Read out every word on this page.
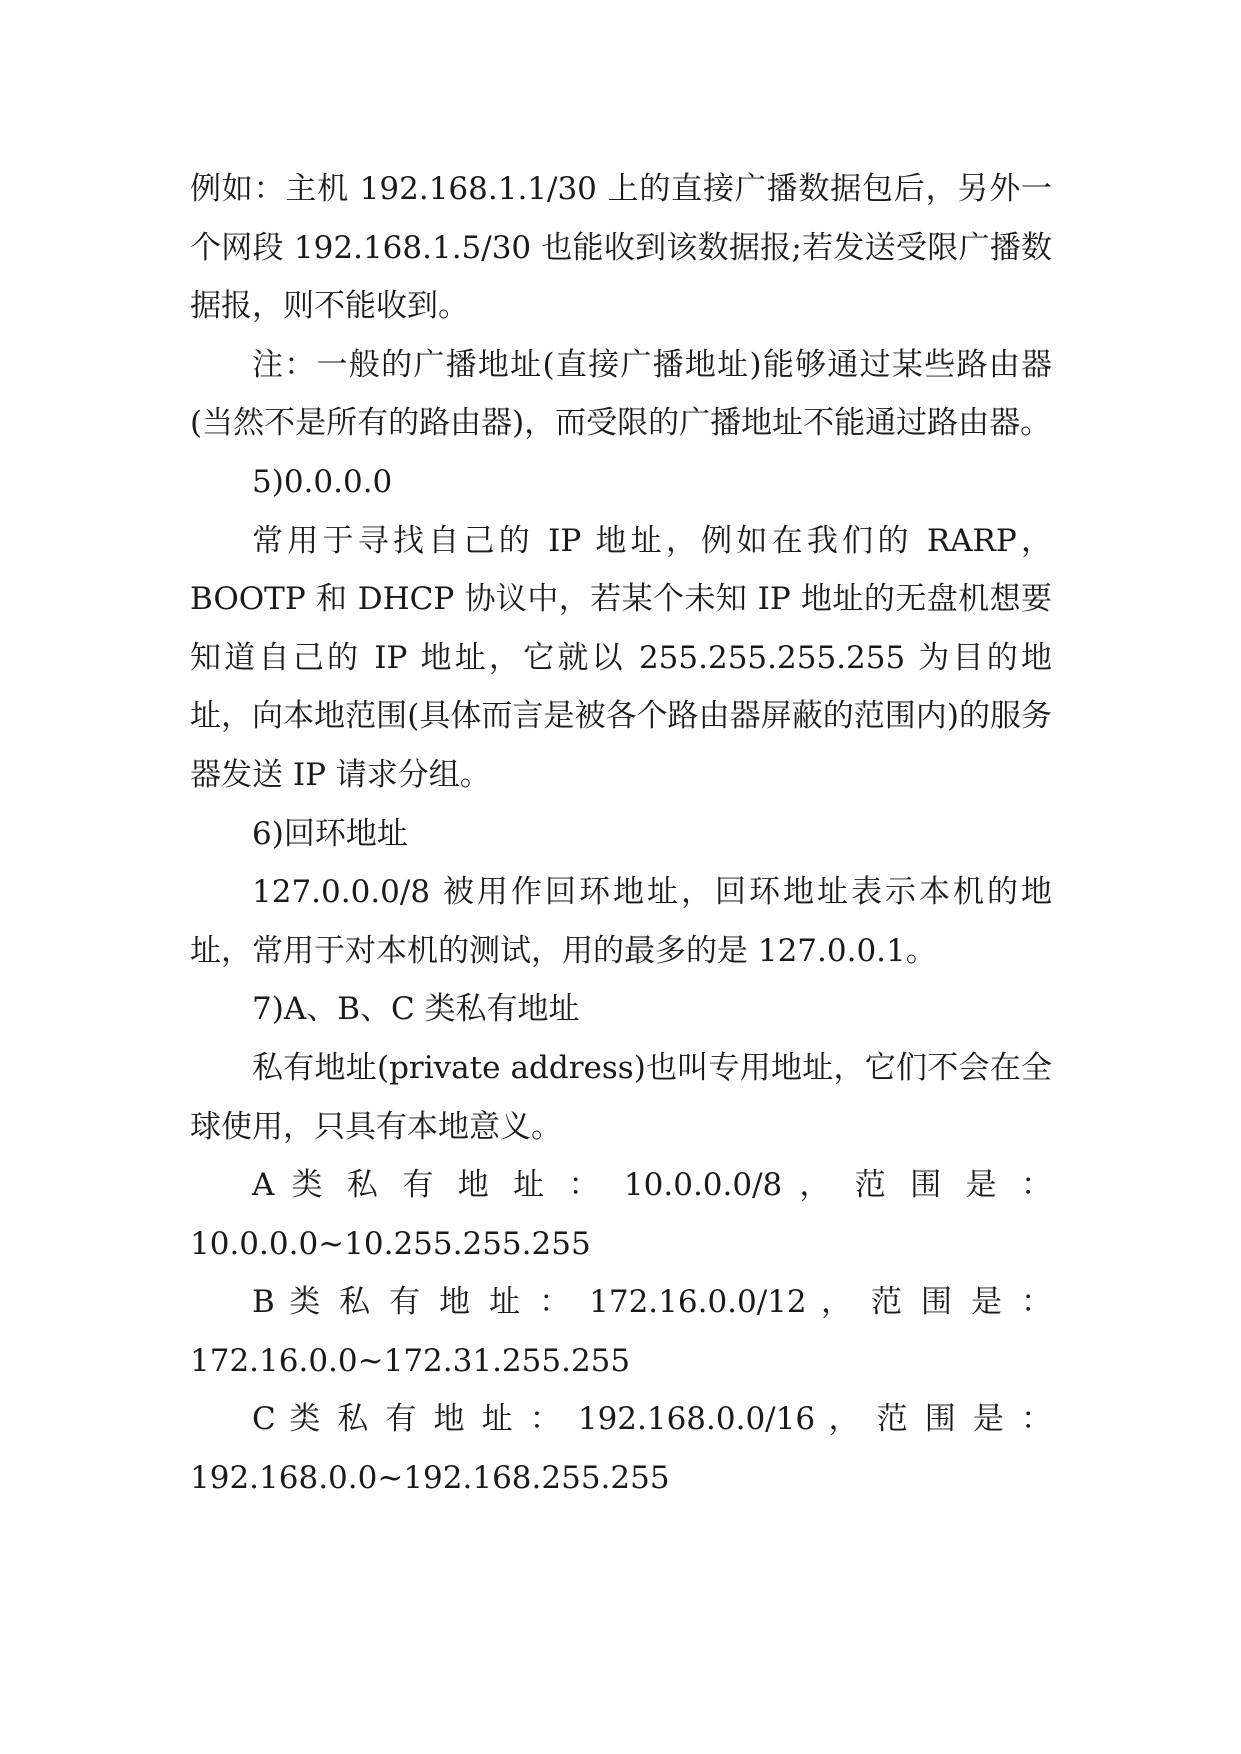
例如：主机 192.168.1.1/30 上的直接广播数据包后，另外一个网段 192.168.1.5/30 也能收到该数据报;若发送受限广播数据报，则不能收到。

注：一般的广播地址(直接广播地址)能够通过某些路由器(当然不是所有的路由器)，而受限的广播地址不能通过路由器。

5)0.0.0.0

常用于寻找自己的 IP 地址，例如在我们的 RARP，BOOTP 和 DHCP 协议中，若某个未知 IP 地址的无盘机想要知道自己的 IP 地址，它就以 255.255.255.255 为目的地址，向本地范围(具体而言是被各个路由器屏蔽的范围内)的服务器发送 IP 请求分组。

6)回环地址

127.0.0.0/8 被用作回环地址，回环地址表示本机的地址，常用于对本机的测试，用的最多的是 127.0.0.1。

7)A、B、C 类私有地址

私有地址(private address)也叫专用地址，它们不会在全球使用，只具有本地意义。

A 类 私 有 地 址 ： 10.0.0.0/8 ， 范 围 是 ：

10.0.0.0~10.255.255.255

B 类 私 有 地 址 ： 172.16.0.0/12 ， 范 围 是 ：

172.16.0.0~172.31.255.255

C 类 私 有 地 址 ： 192.168.0.0/16 ， 范 围 是 ：

192.168.0.0~192.168.255.255
